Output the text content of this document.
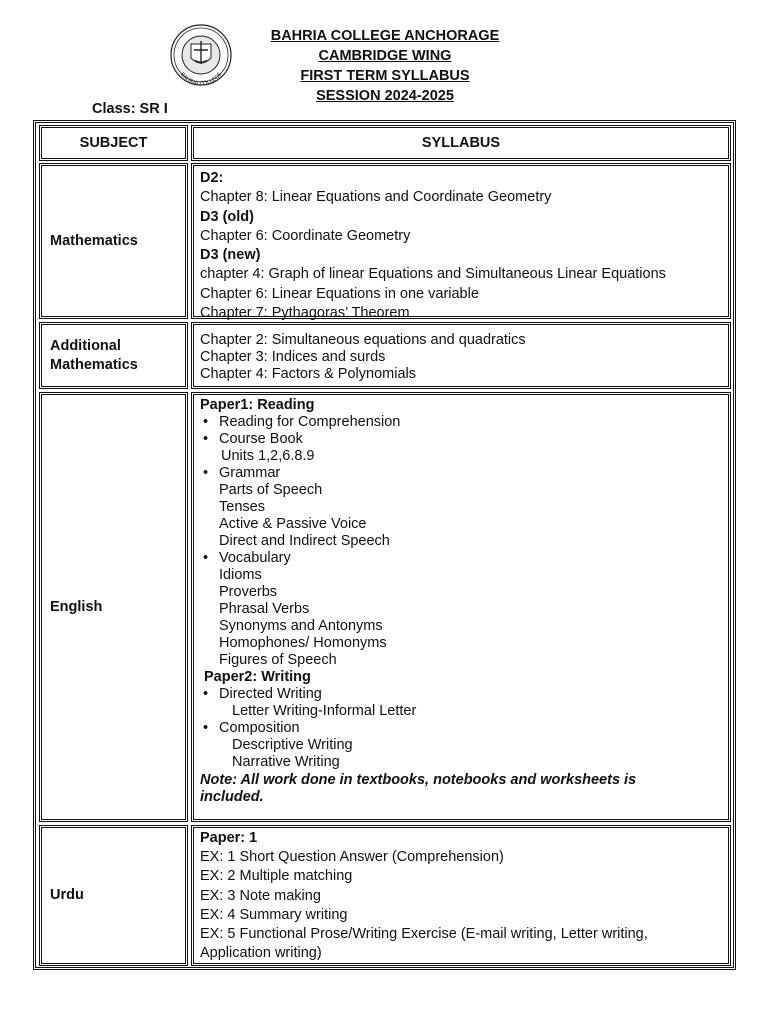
BAHRIA COLLEGE
BAHRIA COLLEGE ANCHORAGE
CAMBRIDGE WING
FIRST TERM SYLLABUS
SESSION 2024-2025
Class: SR I
SUBJECT	SYLLABUS
Mathematics
D2:
Chapter 8: Linear Equations and Coordinate Geometry
D3 (old)
Chapter 6: Coordinate Geometry
D3 (new)
chapter 4: Graph of linear Equations and Simultaneous Linear Equations
Chapter 6: Linear Equations in one variable
Chapter 7: Pythagoras’ Theorem
Additional
Mathematics
Chapter 2: Simultaneous equations and quadratics
Chapter 3: Indices and surds
Chapter 4: Factors & Polynomials
English
Paper1: Reading
• Reading for Comprehension
• Course Book
Units 1,2,6.8.9
• Grammar
Parts of Speech
Tenses
Active & Passive Voice
Direct and Indirect Speech
• Vocabulary
Idioms
Proverbs
Phrasal Verbs
Synonyms and Antonyms
Homophones/ Homonyms
Figures of Speech
Paper2: Writing
• Directed Writing
Letter Writing-Informal Letter
• Composition
Descriptive Writing
Narrative Writing
Note: All work done in textbooks, notebooks and worksheets is
included.
Urdu
Paper: 1
EX: 1 Short Question Answer (Comprehension)
EX: 2 Multiple matching
EX: 3 Note making
EX: 4 Summary writing
EX: 5 Functional Prose/Writing Exercise (E-mail writing, Letter writing,
Application writing)
